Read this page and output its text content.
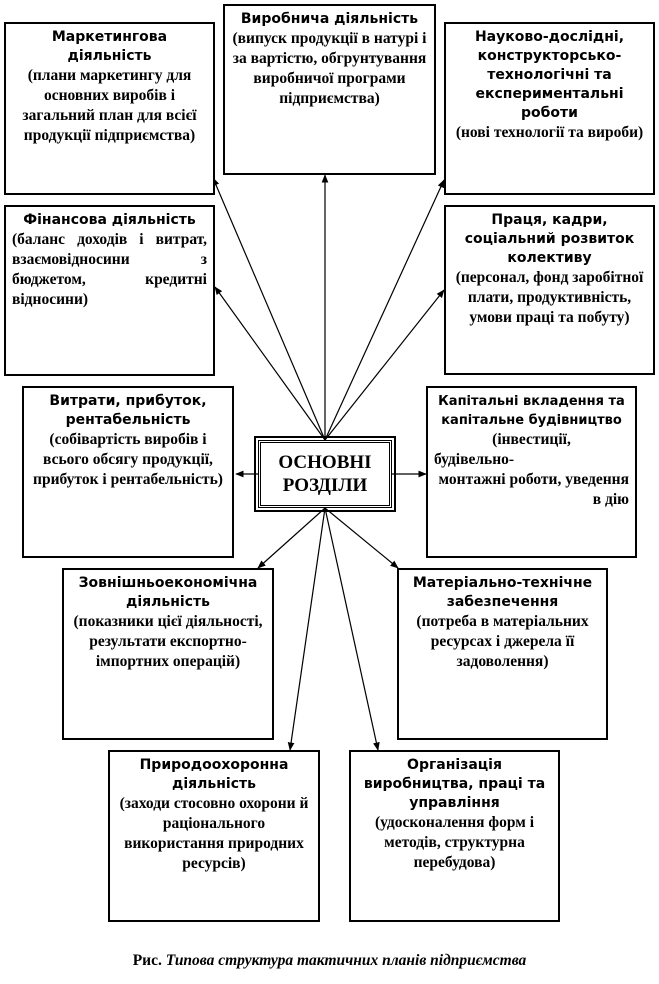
Маркетингова діяльність
(плани маркетингу для основних виробів і загальний план для всієї продукції підприємства)
Виробнича діяльність
(випуск продукції в натурі і за вартістю, обгрунтування виробничої програми підприємства)
Науково-дослідні, конструкторсько-технологічні та експериментальні роботи
(нові технології та вироби)
Фінансова діяльність
(баланс доходів і витрат, взаємовідносини з бюджетом, кредитні відносини)
Праця, кадри, соціальний розвиток колективу
(персонал, фонд заробітної плати, продуктивність, умови праці та побуту)
Витрати, прибуток, рентабельність
(собівартість виробів і всього обсягу продукції, прибуток і рентабельність)
Капітальні вкладення та капітальне будівництво
(інвестиції,
будівельно-
монтажні роботи, уведення в дію
Зовнішньоекономічна діяльність
(показники цієї діяльності, результати експортно-імпортних операцій)
Матеріально-технічне забезпечення
(потреба в матеріальних ресурсах і джерела її задоволення)
Природоохоронна діяльність
(заходи стосовно охорони й раціонального використання природних ресурсів)
Організація виробництва, праці та управління
(удосконалення форм і методів, структурна перебудова)
ОСНОВНІ
РОЗДІЛИ
Рис. Типова структура тактичних планів підприємства
